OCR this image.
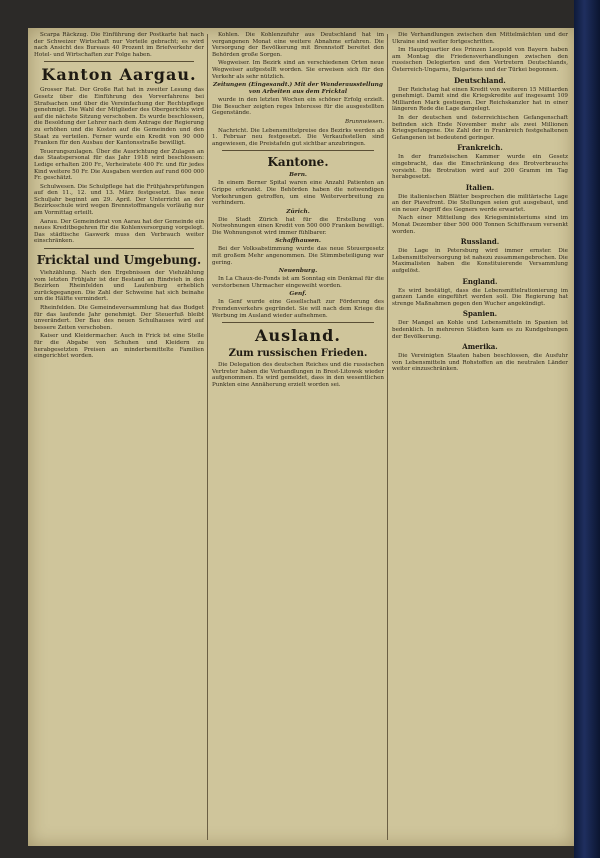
Scarpa Räckzug. Die Einführung der Postkarte hat nach der Schweizer Wirtschaft nur Vorteile gebracht; es wird nach Ansicht des Bureaus 40 Prozent im Briefverkehr der Hotel- und Wirtschaften zur Folge haben.

Kanton Aargau.

Grosser Rat. Der Große Rat hat in zweiter Lesung das Gesetz über die Einführung des Vorverfahrens bei Strafsachen und über die Vereinfachung der Rechtspflege genehmigt. Die Wahl der Mitglieder des Obergerichts wird auf die nächste Sitzung verschoben. Es wurde beschlossen, die Besoldung der Lehrer nach dem Antrage der Regierung zu erhöhen und die Kosten auf die Gemeinden und den Staat zu verteilen. Ferner wurde ein Kredit von 90 000 Franken für den Ausbau der Kantonsstraße bewilligt.

Teuerungszulagen. Über die Ausrichtung der Zulagen an das Staatspersonal für das Jahr 1918 wird beschlossen: Ledige erhalten 200 Fr., Verheiratete 400 Fr. und für jedes Kind weitere 50 Fr. Die Ausgaben werden auf rund 600 000 Fr. geschätzt.

Schulwesen. Die Schulpflege hat die Frühjahrsprüfungen auf den 11., 12. und 13. März festgesetzt. Das neue Schuljahr beginnt am 29. April. Der Unterricht an der Bezirksschule wird wegen Brennstoffmangels vorläufig nur am Vormittag erteilt.

Aarau. Der Gemeinderat von Aarau hat der Gemeinde ein neues Kreditbegehren für die Kohlenversorgung vorgelegt. Das städtische Gaswerk muss den Verbrauch weiter einschränken.

Fricktal und Umgebung.

Viehzählung. Nach den Ergebnissen der Viehzählung vom letzten Frühjahr ist der Bestand an Rindvieh in den Bezirken Rheinfelden und Laufenburg erheblich zurückgegangen. Die Zahl der Schweine hat sich beinahe um die Hälfte vermindert.

Rheinfelden. Die Gemeindeversammlung hat das Budget für das laufende Jahr genehmigt. Der Steuerfuß bleibt unverändert. Der Bau des neuen Schulhauses wird auf bessere Zeiten verschoben.

Kaiser und Kleidermacher. Auch in Frick ist eine Stelle für die Abgabe von Schuhen und Kleidern zu herabgesetzten Preisen an minderbemittelte Familien eingerichtet worden.

Kohlen. Die Kohlenzufuhr aus Deutschland hat im vergangenen Monat eine weitere Abnahme erfahren. Die Versorgung der Bevölkerung mit Brennstoff bereitet den Behörden große Sorgen.

Wegweiser. Im Bezirk sind an verschiedenen Orten neue Wegweiser aufgestellt worden. Sie erweisen sich für den Verkehr als sehr nützlich.

Zeitungen (Eingesandt.) Mit der Wanderausstellung von Arbeiten aus dem Fricktal

wurde in den letzten Wochen ein schöner Erfolg erzielt. Die Besucher zeigten reges Interesse für die ausgestellten Gegenstände.

Brunnwiesen.

Nachricht. Die Lebensmittelpreise des Bezirks werden ab 1. Februar neu festgesetzt. Die Verkaufsstellen sind angewiesen, die Preistafeln gut sichtbar anzubringen.

Kantone.
Bern.

In einem Berner Spital waren eine Anzahl Patienten an Grippe erkrankt. Die Behörden haben die notwendigen Vorkehrungen getroffen, um eine Weiterverbreitung zu verhindern.

Zürich.

Die Stadt Zürich hat für die Erstellung von Notwohnungen einen Kredit von 500 000 Franken bewilligt. Die Wohnungsnot wird immer fühlbarer.

Schaffhausen.

Bei der Volksabstimmung wurde das neue Steuergesetz mit großem Mehr angenommen. Die Stimmbeteiligung war gering.

Neuenburg.

In La Chaux-de-Fonds ist am Sonntag ein Denkmal für die verstorbenen Uhrmacher eingeweiht worden.

Genf.

In Genf wurde eine Gesellschaft zur Förderung des Fremdenverkehrs gegründet. Sie will nach dem Kriege die Werbung im Ausland wieder aufnehmen.

Ausland.
Zum russischen Frieden.

Die Delegation des deutschen Reiches und die russischen Vertreter haben die Verhandlungen in Brest-Litowsk wieder aufgenommen. Es wird gemeldet, dass in den wesentlichen Punkten eine Annäherung erzielt worden sei.

Die Verhandlungen zwischen den Mittelmächten und der Ukraine sind weiter fortgeschritten.

Im Hauptquartier des Prinzen Leopold von Bayern haben am Montag die Friedensverhandlungen zwischen den russischen Delegierten und den Vertretern Deutschlands, Österreich-Ungarns, Bulgariens und der Türkei begonnen.

Deutschland.

Der Reichstag hat einen Kredit von weiteren 15 Milliarden genehmigt. Damit sind die Kriegskredite auf insgesamt 109 Milliarden Mark gestiegen. Der Reichskanzler hat in einer längeren Rede die Lage dargelegt.

In der deutschen und österreichischen Gefangenschaft befinden sich Ende November mehr als zwei Millionen Kriegsgefangene. Die Zahl der in Frankreich festgehaltenen Gefangenen ist bedeutend geringer.

Frankreich.

In der französischen Kammer wurde ein Gesetz eingebracht, das die Einschränkung des Brotverbrauchs vorsieht. Die Brotration wird auf 200 Gramm im Tag herabgesetzt.

Italien.

Die italienischen Blätter besprechen die militärische Lage an der Piavefront. Die Stellungen seien gut ausgebaut, und ein neuer Angriff des Gegners werde erwartet.

Nach einer Mitteilung des Kriegsministeriums sind im Monat Dezember über 500 000 Tonnen Schiffsraum versenkt worden.

Russland.

Die Lage in Petersburg wird immer ernster. Die Lebensmittelversorgung ist nahezu zusammengebrochen. Die Maximalisten haben die Konstituierende Versammlung aufgelöst.

England.

Es wird bestätigt, dass die Lebensmittelrationierung im ganzen Lande eingeführt werden soll. Die Regierung hat strenge Maßnahmen gegen den Wucher angekündigt.

Spanien.

Der Mangel an Kohle und Lebensmitteln in Spanien ist bedenklich. In mehreren Städten kam es zu Kundgebungen der Bevölkerung.

Amerika.

Die Vereinigten Staaten haben beschlossen, die Ausfuhr von Lebensmitteln und Rohstoffen an die neutralen Länder weiter einzuschränken.
